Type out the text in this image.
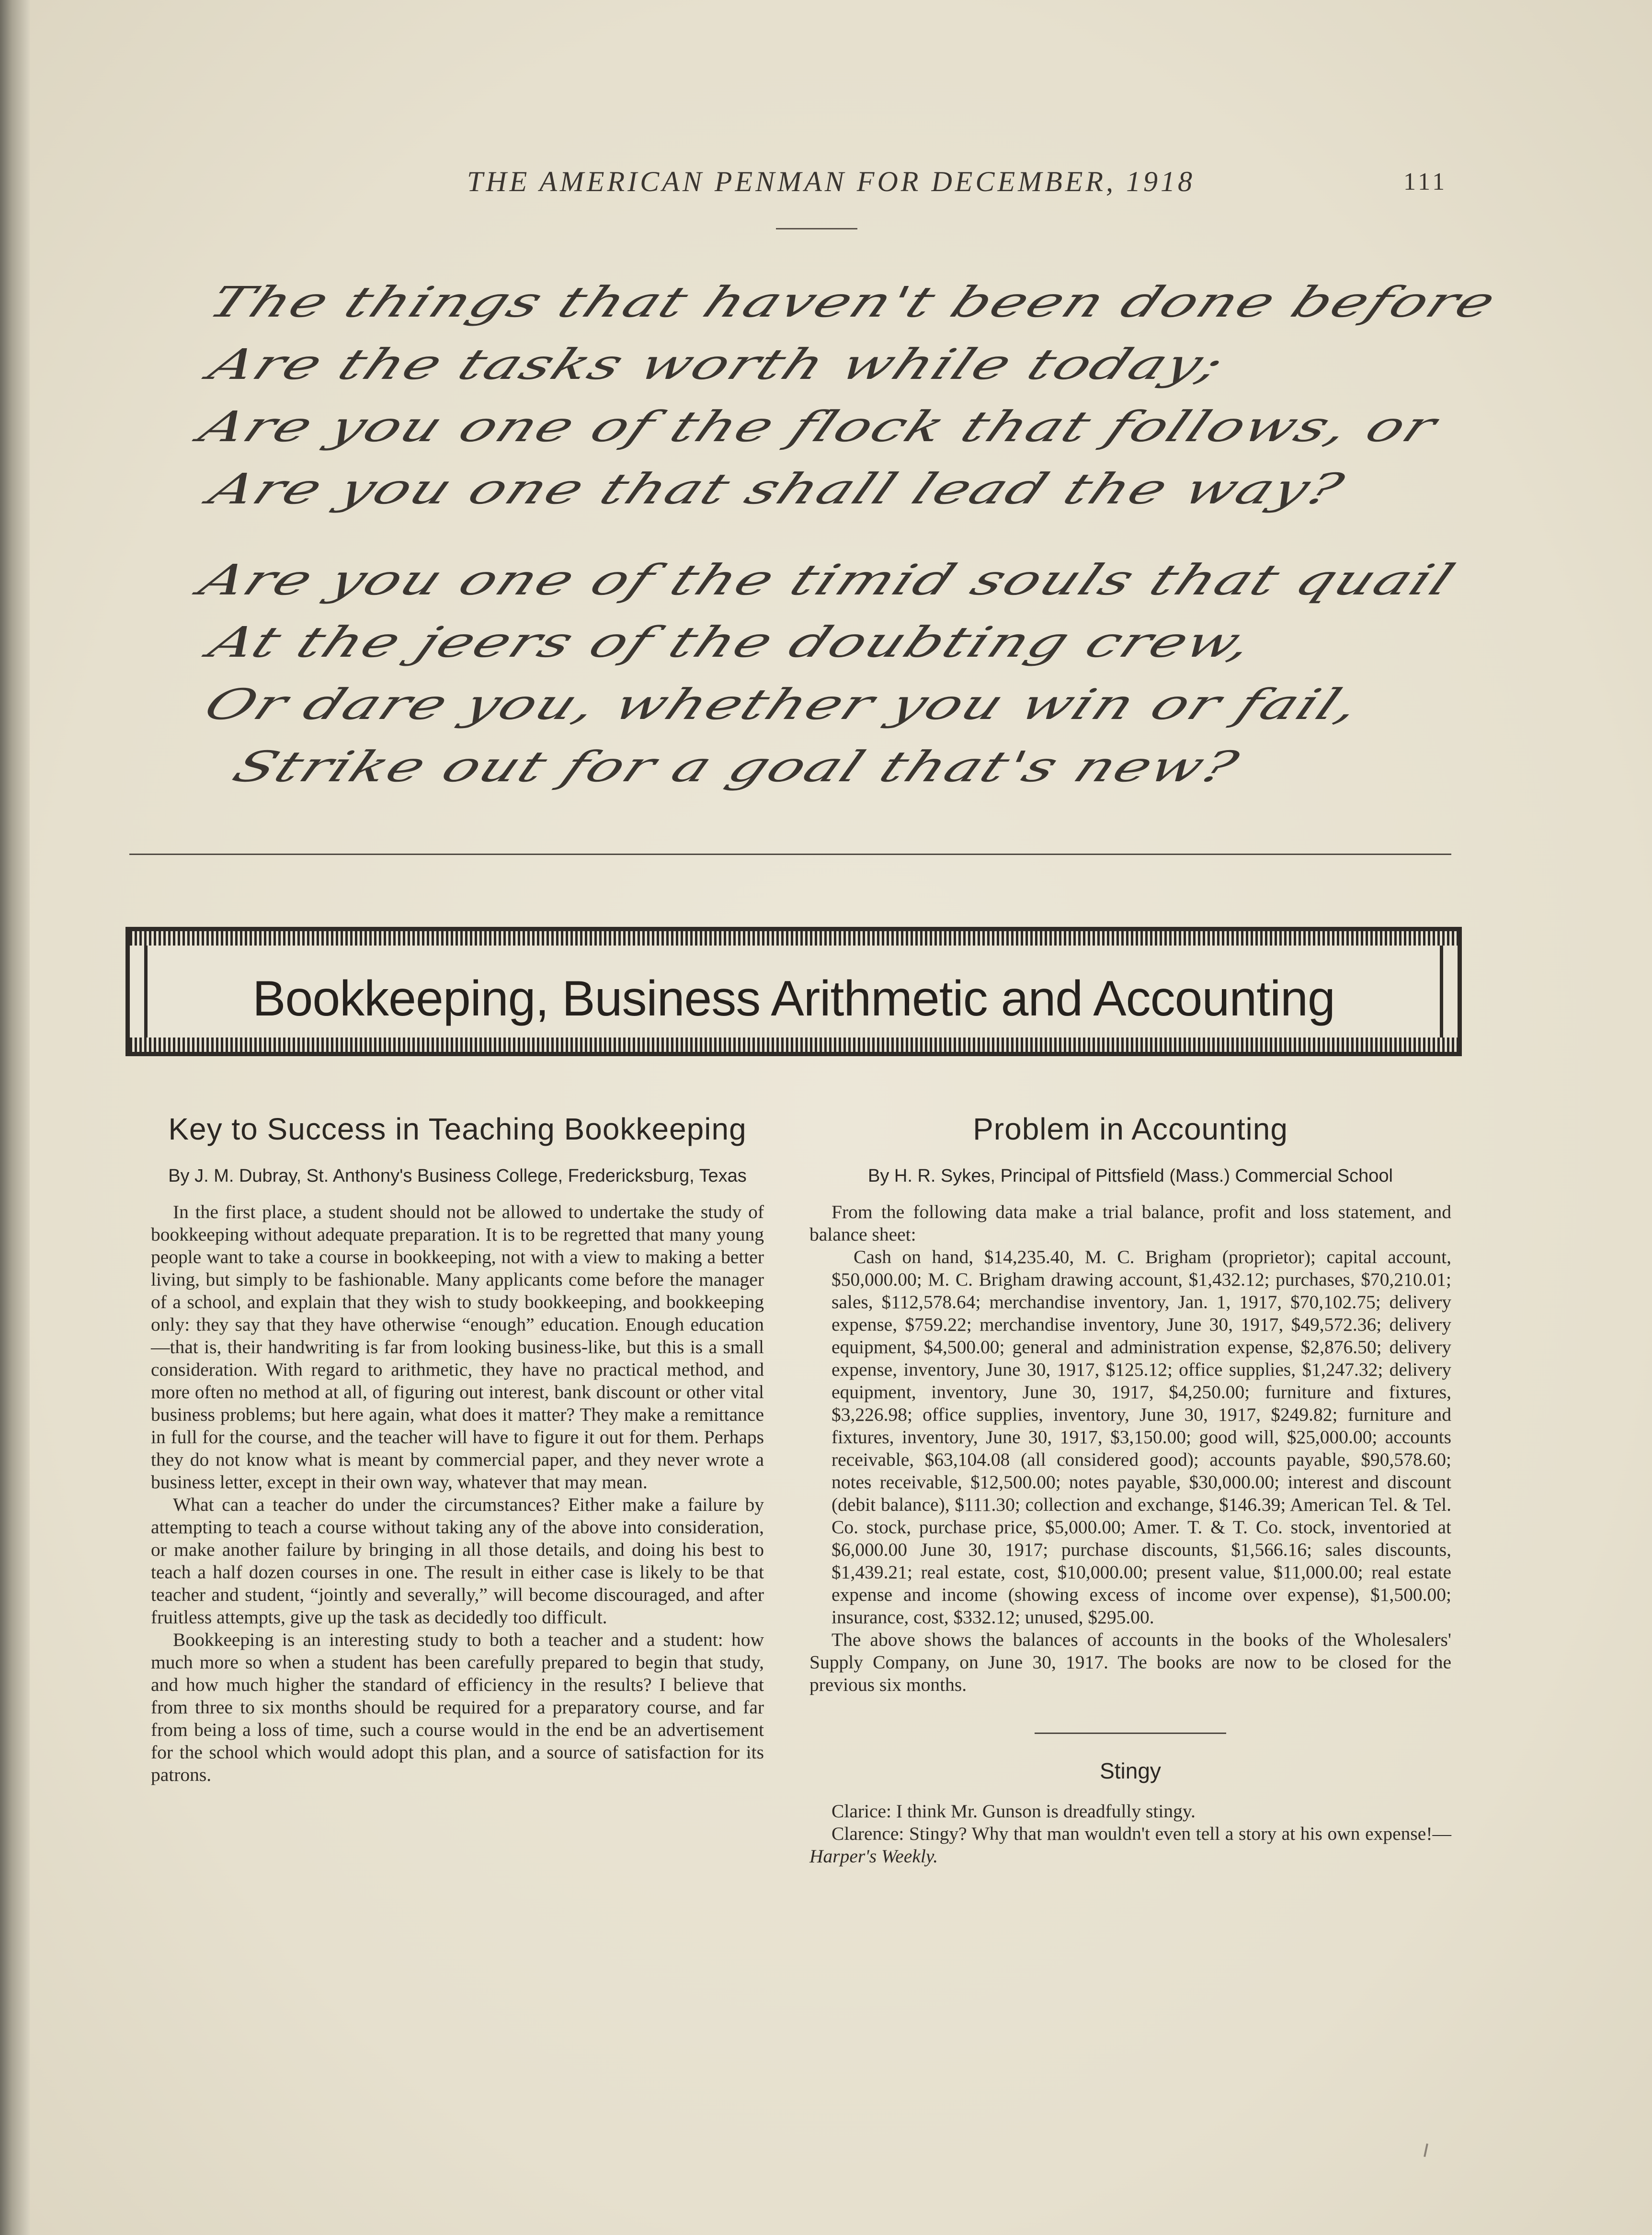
THE AMERICAN PENMAN FOR DECEMBER, 1918	111
The things that haven't been done before
Are the tasks worth while today;
Are you one of the flock that follows, or
Are you one that shall lead the way?
Are you one of the timid souls that quail
At the jeers of the doubting crew,
Or dare you, whether you win or fail,
Strike out for a goal that's new?
Bookkeeping, Business Arithmetic and Accounting
Key to Success in Teaching Bookkeeping
By J. M. Dubray, St. Anthony's Business College, Fredericksburg, Texas

In the first place, a student should not be allowed to undertake the study of bookkeeping without adequate preparation. It is to be regretted that many young people want to take a course in bookkeeping, not with a view to making a better living, but simply to be fashionable. Many applicants come before the manager of a school, and explain that they wish to study bookkeeping, and bookkeeping only: they say that they have otherwise “enough” education. Enough education—that is, their handwriting is far from looking business-like, but this is a small consideration. With regard to arithmetic, they have no practical method, and more often no method at all, of figuring out interest, bank discount or other vital business problems; but here again, what does it matter? They make a remittance in full for the course, and the teacher will have to figure it out for them. Perhaps they do not know what is meant by commercial paper, and they never wrote a business letter, except in their own way, whatever that may mean.

What can a teacher do under the circumstances? Either make a failure by attempting to teach a course without taking any of the above into consideration, or make another failure by bringing in all those details, and doing his best to teach a half dozen courses in one. The result in either case is likely to be that teacher and student, “jointly and severally,” will become discouraged, and after fruitless attempts, give up the task as decidedly too difficult.

Bookkeeping is an interesting study to both a teacher and a student: how much more so when a student has been carefully prepared to begin that study, and how much higher the standard of efficiency in the results? I believe that from three to six months should be required for a preparatory course, and far from being a loss of time, such a course would in the end be an advertisement for the school which would adopt this plan, and a source of satisfaction for its patrons.

Problem in Accounting
By H. R. Sykes, Principal of Pittsfield (Mass.) Commercial School

From the following data make a trial balance, profit and loss statement, and balance sheet:

Cash on hand, $14,235.40, M. C. Brigham (proprietor); capital account, $50,000.00; M. C. Brigham drawing account, $1,432.12; purchases, $70,210.01; sales, $112,578.64; merchandise inventory, Jan. 1, 1917, $70,102.75; delivery expense, $759.22; merchandise inventory, June 30, 1917, $49,572.36; delivery equipment, $4,500.00; general and administration expense, $2,876.50; delivery expense, inventory, June 30, 1917, $125.12; office supplies, $1,247.32; delivery equipment, inventory, June 30, 1917, $4,250.00; furniture and fixtures, $3,226.98; office supplies, inventory, June 30, 1917, $249.82; furniture and fixtures, inventory, June 30, 1917, $3,150.00; good will, $25,000.00; accounts receivable, $63,104.08 (all considered good); accounts payable, $90,578.60; notes receivable, $12,500.00; notes payable, $30,000.00; interest and discount (debit balance), $111.30; collection and exchange, $146.39; American Tel. & Tel. Co. stock, purchase price, $5,000.00; Amer. T. & T. Co. stock, inventoried at $6,000.00 June 30, 1917; purchase discounts, $1,566.16; sales discounts, $1,439.21; real estate, cost, $10,000.00; present value, $11,000.00; real estate expense and income (showing excess of income over expense), $1,500.00; insurance, cost, $332.12; unused, $295.00.

The above shows the balances of accounts in the books of the Wholesalers' Supply Company, on June 30, 1917. The books are now to be closed for the previous six months.

Stingy

Clarice: I think Mr. Gunson is dreadfully stingy.

Clarence: Stingy? Why that man wouldn't even tell a story at his own expense!—Harper's Weekly.
